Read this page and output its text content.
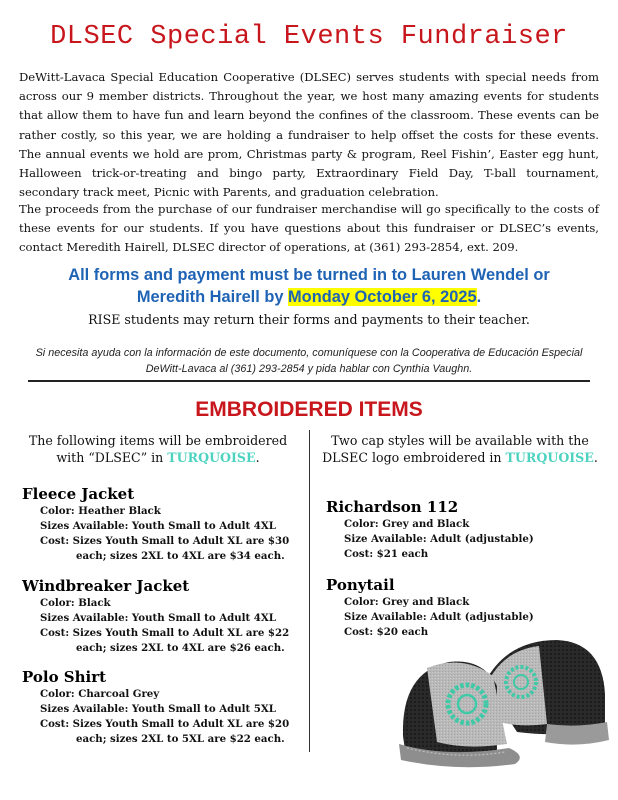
DLSEC Special Events Fundraiser
DeWitt-Lavaca Special Education Cooperative (DLSEC) serves students with special needs from across our 9 member districts. Throughout the year, we host many amazing events for students that allow them to have fun and learn beyond the confines of the classroom. These events can be rather costly, so this year, we are holding a fundraiser to help offset the costs for these events. The annual events we hold are prom, Christmas party & program, Reel Fishin’, Easter egg hunt, Halloween trick-or-treating and bingo party, Extraordinary Field Day, T-ball tournament, secondary track meet, Picnic with Parents, and graduation celebration.
The proceeds from the purchase of our fundraiser merchandise will go specifically to the costs of these events for our students. If you have questions about this fundraiser or DLSEC’s events, contact Meredith Hairell, DLSEC director of operations, at (361) 293-2854, ext. 209.
All forms and payment must be turned in to Lauren Wendel or
Meredith Hairell by Monday October 6, 2025.
RISE students may return their forms and payments to their teacher.
Si necesita ayuda con la información de este documento, comuníquese con la Cooperativa de Educación Especial DeWitt-Lavaca al (361) 293-2854 y pida hablar con Cynthia Vaughn.
EMBROIDERED ITEMS
The following items will be embroidered with “DLSEC” in TURQUOISE.
Two cap styles will be available with the DLSEC logo embroidered in TURQUOISE.
Fleece Jacket
Color: Heather Black
Sizes Available: Youth Small to Adult 4XL
Cost: Sizes Youth Small to Adult XL are $30 each; sizes 2XL to 4XL are $34 each.
Windbreaker Jacket
Color: Black
Sizes Available: Youth Small to Adult 4XL
Cost: Sizes Youth Small to Adult XL are $22 each; sizes 2XL to 4XL are $26 each.
Polo Shirt
Color: Charcoal Grey
Sizes Available: Youth Small to Adult 5XL
Cost: Sizes Youth Small to Adult XL are $20 each; sizes 2XL to 5XL are $22 each.
Richardson 112
Color: Grey and Black
Size Available: Adult (adjustable)
Cost: $21 each
Ponytail
Color: Grey and Black
Size Available: Adult (adjustable)
Cost: $20 each
